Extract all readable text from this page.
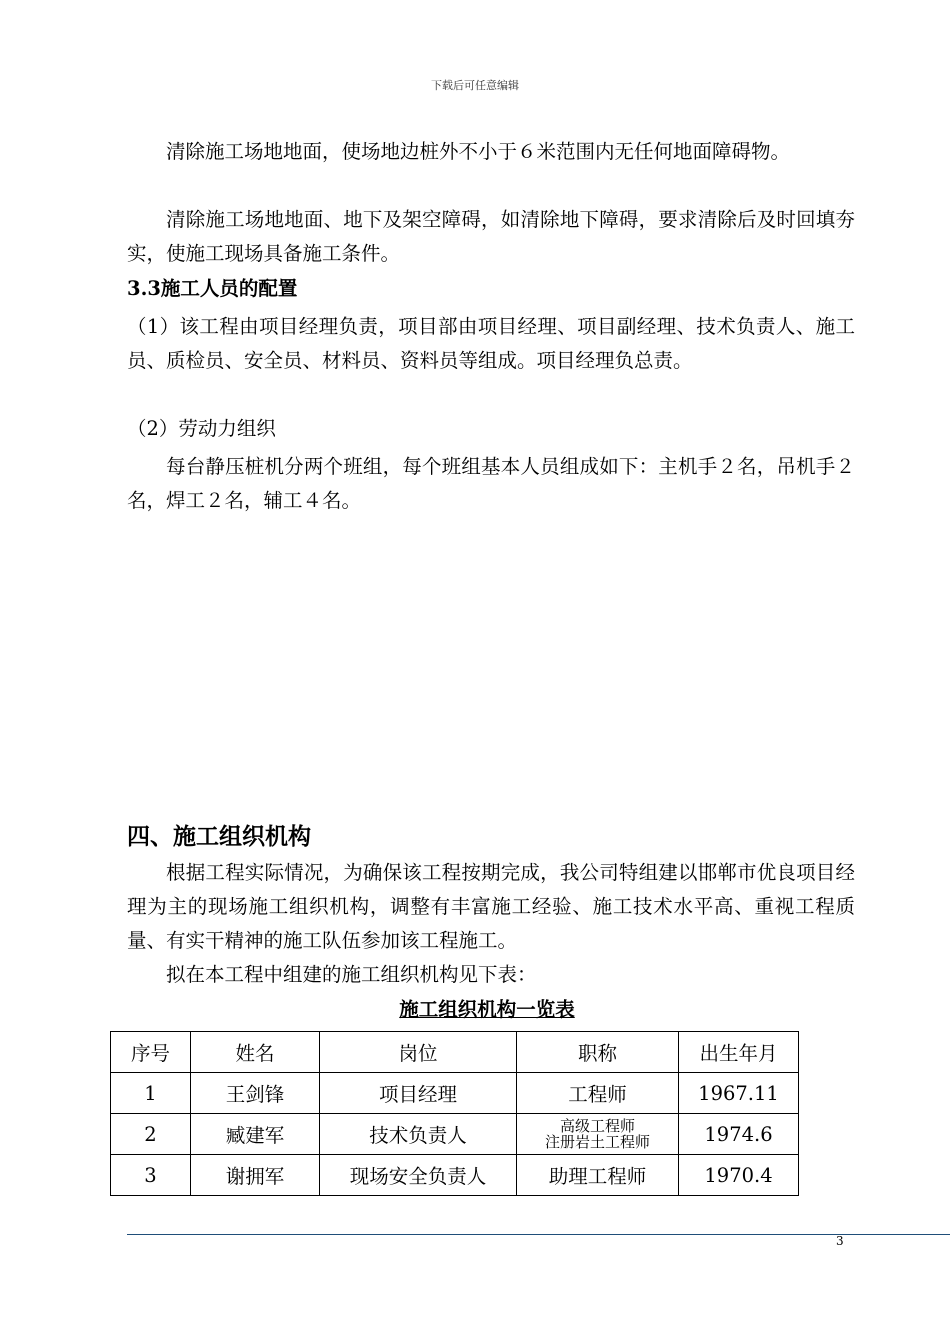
下载后可任意编辑
清除施工场地地面，使场地边桩外不小于６米范围内无任何地面障碍物。
清除施工场地地面、地下及架空障碍，如清除地下障碍，要求清除后及时回填夯实，使施工现场具备施工条件。
3.3施工人员的配置
（1）该工程由项目经理负责，项目部由项目经理、项目副经理、技术负责人、施工员、质检员、安全员、材料员、资料员等组成。项目经理负总责。
（2）劳动力组织
每台静压桩机分两个班组，每个班组基本人员组成如下：主机手２名，吊机手２名，焊工２名，辅工４名。
四、施工组织机构
根据工程实际情况，为确保该工程按期完成，我公司特组建以邯郸市优良项目经理为主的现场施工组织机构，调整有丰富施工经验、施工技术水平高、重视工程质量、有实干精神的施工队伍参加该工程施工。
拟在本工程中组建的施工组织机构见下表：
施工组织机构一览表
序号	姓名	岗位	职称	出生年月
1	王剑锋	项目经理	工程师	1967.11
2	臧建军	技术负责人	高级工程师
注册岩土工程师	1974.6
3	谢拥军	现场安全负责人	助理工程师	1970.4
3
